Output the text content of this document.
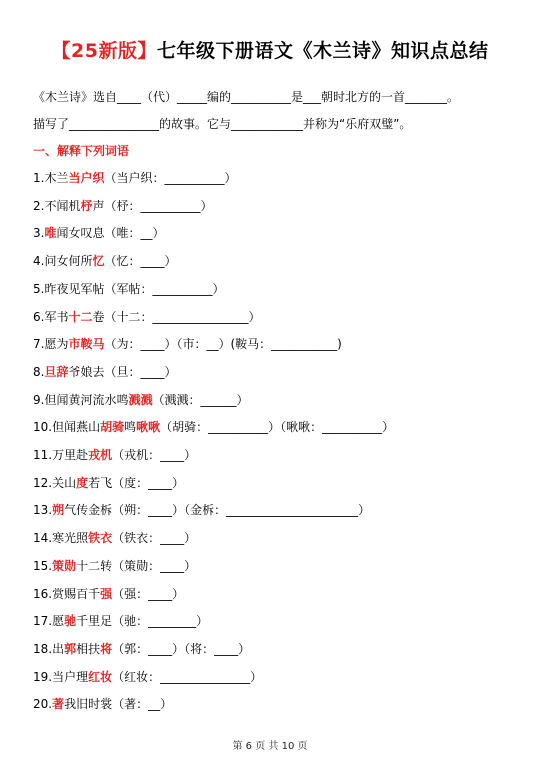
【25新版】七年级下册语文《木兰诗》知识点总结
《木兰诗》选自____（代）_____编的__________是___朝时北方的一首_______。
描写了_______________的故事。它与____________并称为“乐府双璧”。
一、解释下列词语
1.木兰当户织（当户织：__________）
2.不闻机杼声（杼：__________）
3.唯闻女叹息（唯：__）
4.问女何所忆（忆：____）
5.昨夜见军帖（军帖：__________）
6.军书十二卷（十二：________________）
7.愿为市鞍马（为：____）（市：__）(鞍马：___________)
8.旦辞爷娘去（旦：____）
9.但闻黄河流水鸣溅溅（溅溅：______）
10.但闻燕山胡骑鸣啾啾（胡骑：__________）（啾啾：__________）
11.万里赴戎机（戎机：____）
12.关山度若飞（度：____）
13.朔气传金柝（朔：____）（金柝：______________________）
14.寒光照铁衣（铁衣：____）
15.策勋十二转（策勋：____）
16.赏赐百千强（强：____）
17.愿驰千里足（驰：________）
18.出郭相扶将（郭：____）（将：____）
19.当户理红妆（红妆：_______________）
20.著我旧时裳（著：__）
第 6 页 共 10 页
